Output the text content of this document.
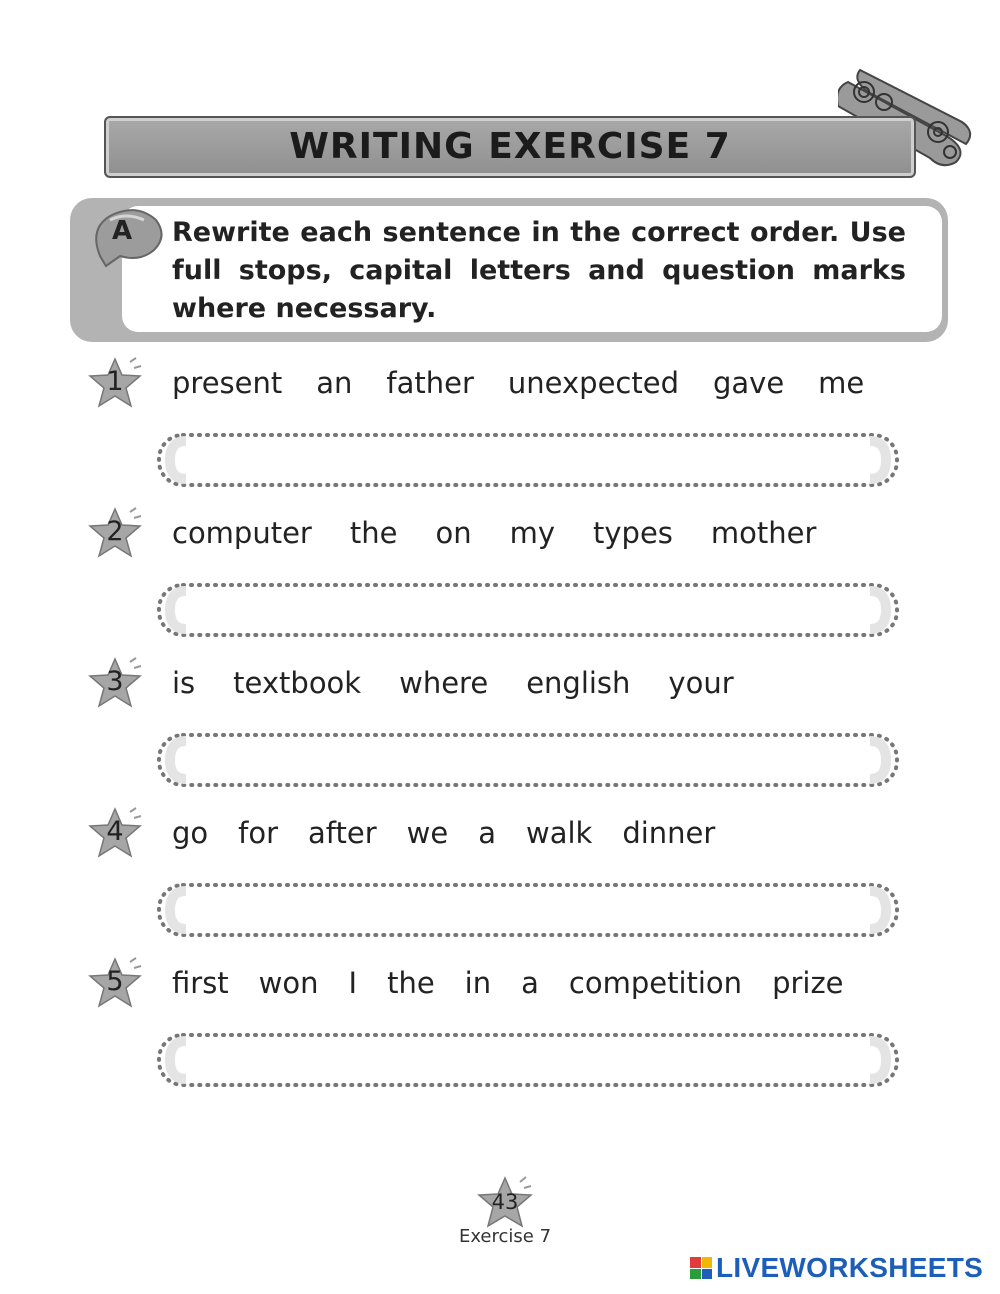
WRITING EXERCISE 7
A Rewrite each sentence in the correct order. Use full stops, capital letters and question marks where necessary.
1	present an father unexpected gave me
2	computer the on my types mother
3	is textbook where english your
4	go for after we a walk dinner
5	first won I the in a competition prize
43
Exercise 7
LIVEWORKSHEETS
